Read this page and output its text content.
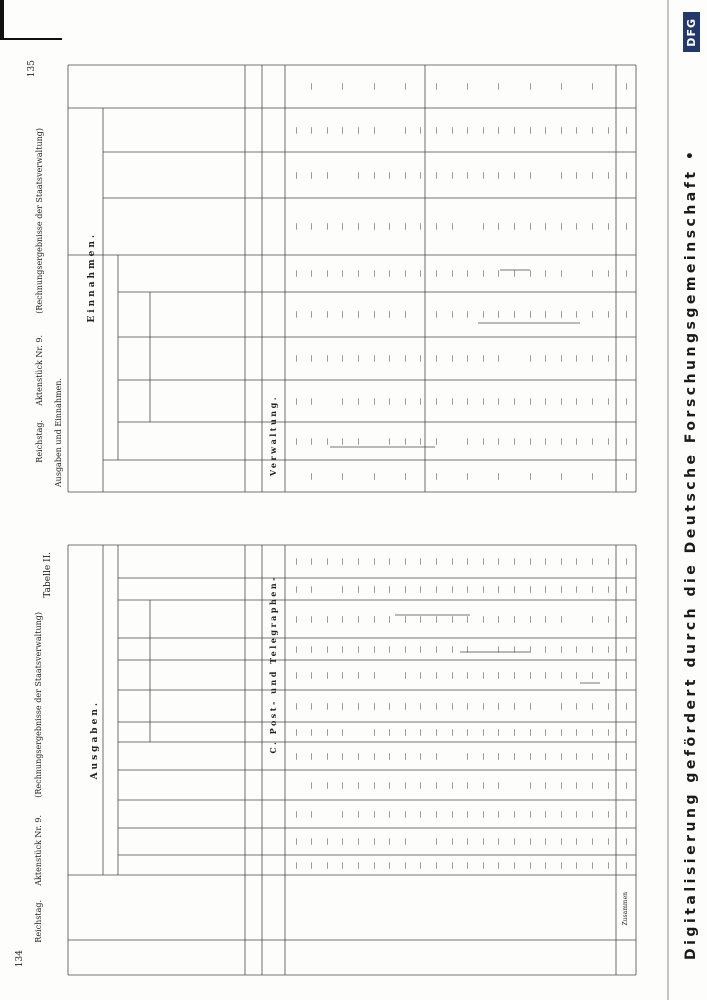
135
(Rechnungsergebnisse der Staatsverwaltung)
Aktenstück Nr. 9.
Reichstag. Ausgaben und Einnahmen.
Einnahmen.
Verwaltung.
134
(Rechnungsergebnisse der Staatsverwaltung)
Aktenstück Nr. 9.
Reichstag.
Tabelle II.
Ausgaben.	C. Post- und Telegraphen-
Zusammen
—
—
—
—
—
—
—
—
—
—
—
—
—
—
—
—
—
—
—
—
—
—
—
—
—
—
—
—
—
—
—
—
—
—
—
—
—
—
—
—
—
—
—
—
—
—
—
—
—
—
—
—
—
—
—
—
—
—
—
—
—
—
—
—
—
—
—
—
—
—
—
—
—
—
—
—
—
—
—
—
—
—
—
—
—
—
—
—
—
—
—
—
—
—
—
—
—
—
—
—
—
—
—
—
—
—
—
—
—
—
—
—
—
—
—
—
—
—
—
—
—
—
—
—
—
—
—
—
—
—
—
—
—
—
—
—
—
—
—
—
—
—
—
—
—
—
—
—
—
—
—
—
—
—
—
—
—
—
—
—
—
—
—
—
—
—
—
—
—
—
—
—
—
—
—
—
—
—
—
—
—
—
—
—
—
—
—
—
—
—
—
—
—
—
—
—
—
—
—
—
—
—
—
—
—
—
—
—
—
—
—
—
—
—
—
—
—
—
—
—
—
—
—
—
—
—
—
—
—
—
—
—
—
—
—
—
—
—
—
—
—
—
—
—
—
—
—
—
—
—
—
—
—
—
—
—
—
—
—
—
—
—
—
—
—
—
—
—
—
—
—
—
—
—
—
—
—
—
—
—
—
—
—
—
—
—
—
—
—
—
—
—
—
—
—
—
—
—
—
—
—
—
—
—
—
—
—
—
—
—
—
—
—
—
—
—
—
—
—
—
—
—
—
—
—
—
—
—
—
—
—
—
—
—
—
—
—
—
—
—
—
—
—
—
—
—
—
—
—
—
—
—
—
—
—
—
—
—
—
—
—
—
—
—
—
—
—
—
—
—
—
—
—
—
—
—
—
—
—
—
—
—
—
—
—
—
—
—
—
—
—
—
—
—
—
—
—
—
—
—
—
—
—
—
—
—
—
—
—
—
—
—
—
—
—
—
—
—
—
—
—
—
—
—
—
—
—
—
—
—
—
—
—
—
—
—
—
—
—
—
—
DFG
Digitalisierung gefördert durch die Deutsche Forschungsgemeinschaft •
